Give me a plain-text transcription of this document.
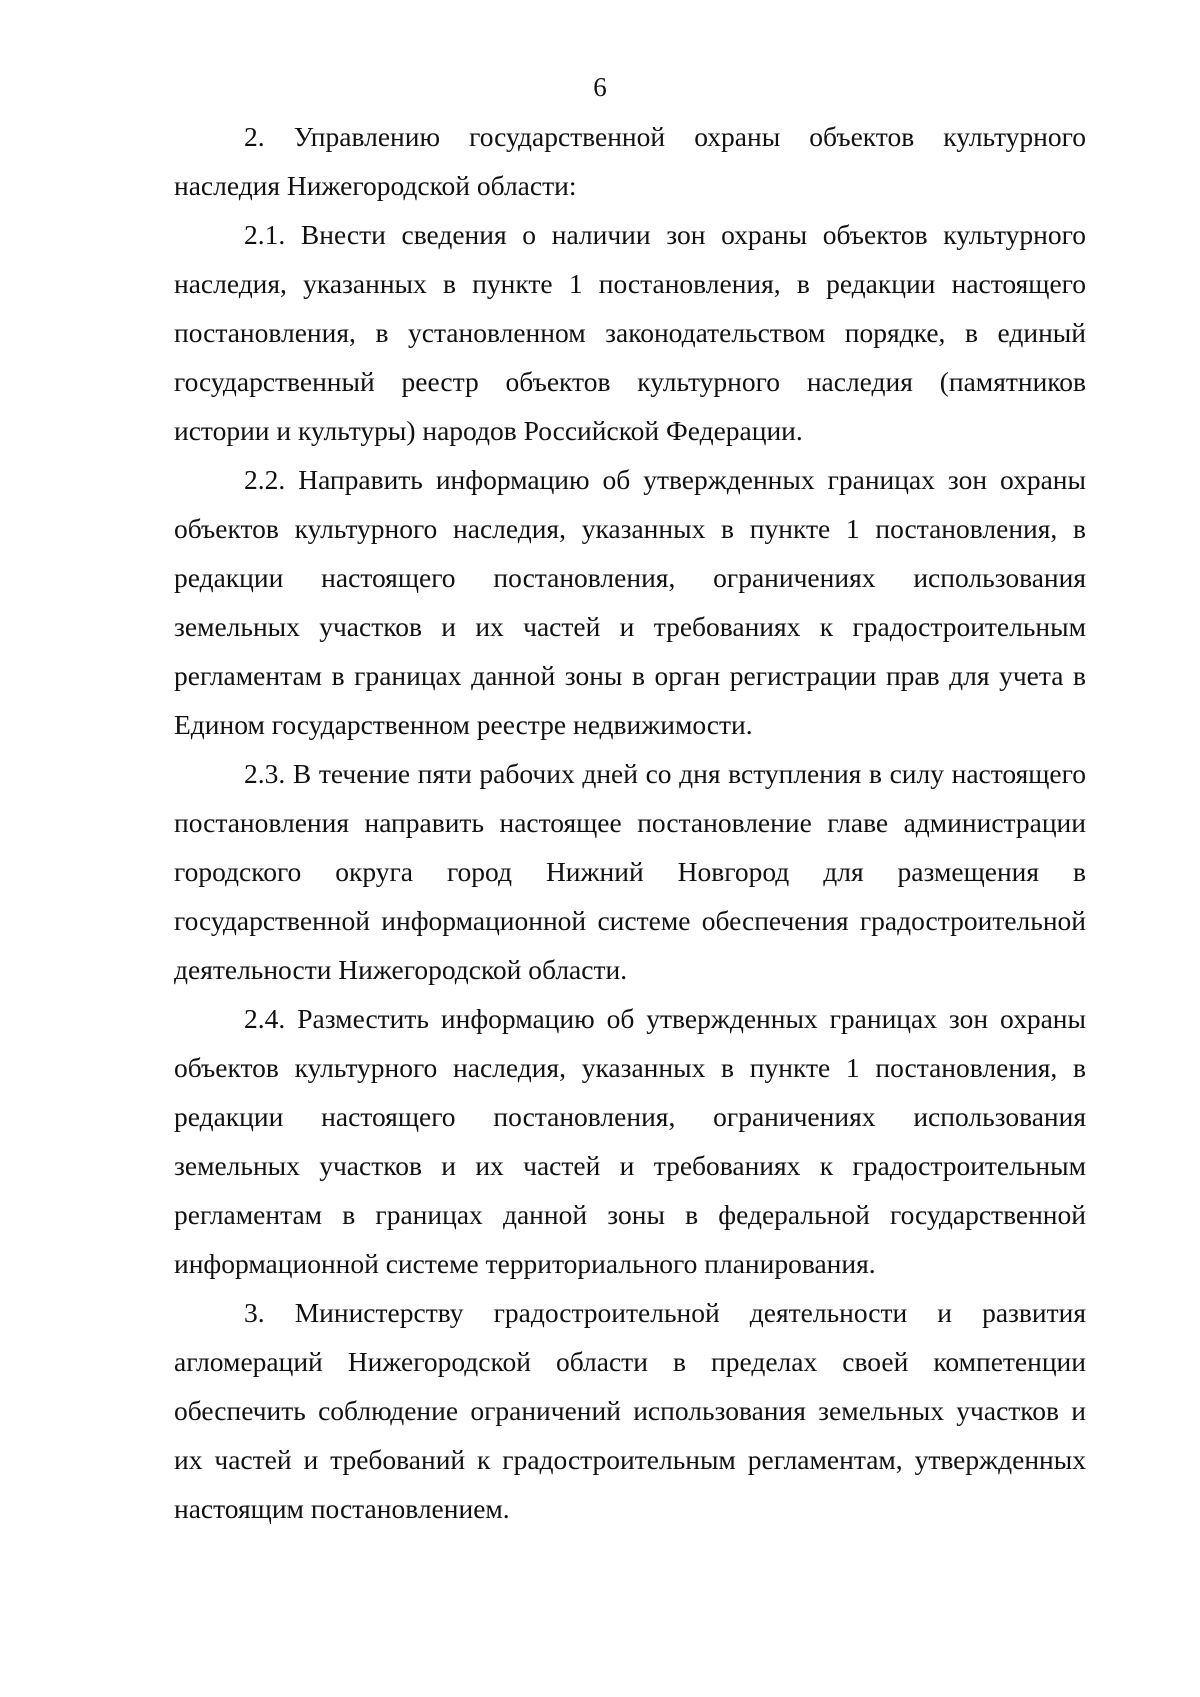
6

2. Управлению государственной охраны объектов культурного наследия Нижегородской области:

2.1. Внести сведения о наличии зон охраны объектов культурного наследия, указанных в пункте 1 постановления, в редакции настоящего постановления, в установленном законодательством порядке, в единый государственный реестр объектов культурного наследия (памятников истории и культуры) народов Российской Федерации.

2.2. Направить информацию об утвержденных границах зон охраны объектов культурного наследия, указанных в пункте 1 постановления, в редакции настоящего постановления, ограничениях использования земельных участков и их частей и требованиях к градостроительным регламентам в границах данной зоны в орган регистрации прав для учета в Едином государственном реестре недвижимости.

2.3. В течение пяти рабочих дней со дня вступления в силу настоящего постановления направить настоящее постановление главе администрации городского округа город Нижний Новгород для размещения в государственной информационной системе обеспечения градостроительной деятельности Нижегородской области.

2.4. Разместить информацию об утвержденных границах зон охраны объектов культурного наследия, указанных в пункте 1 постановления, в редакции настоящего постановления, ограничениях использования земельных участков и их частей и требованиях к градостроительным регламентам в границах данной зоны в федеральной государственной информационной системе территориального планирования.

3. Министерству градостроительной деятельности и развития агломераций Нижегородской области в пределах своей компетенции обеспечить соблюдение ограничений использования земельных участков и их частей и требований к градостроительным регламентам, утвержденных настоящим постановлением.
